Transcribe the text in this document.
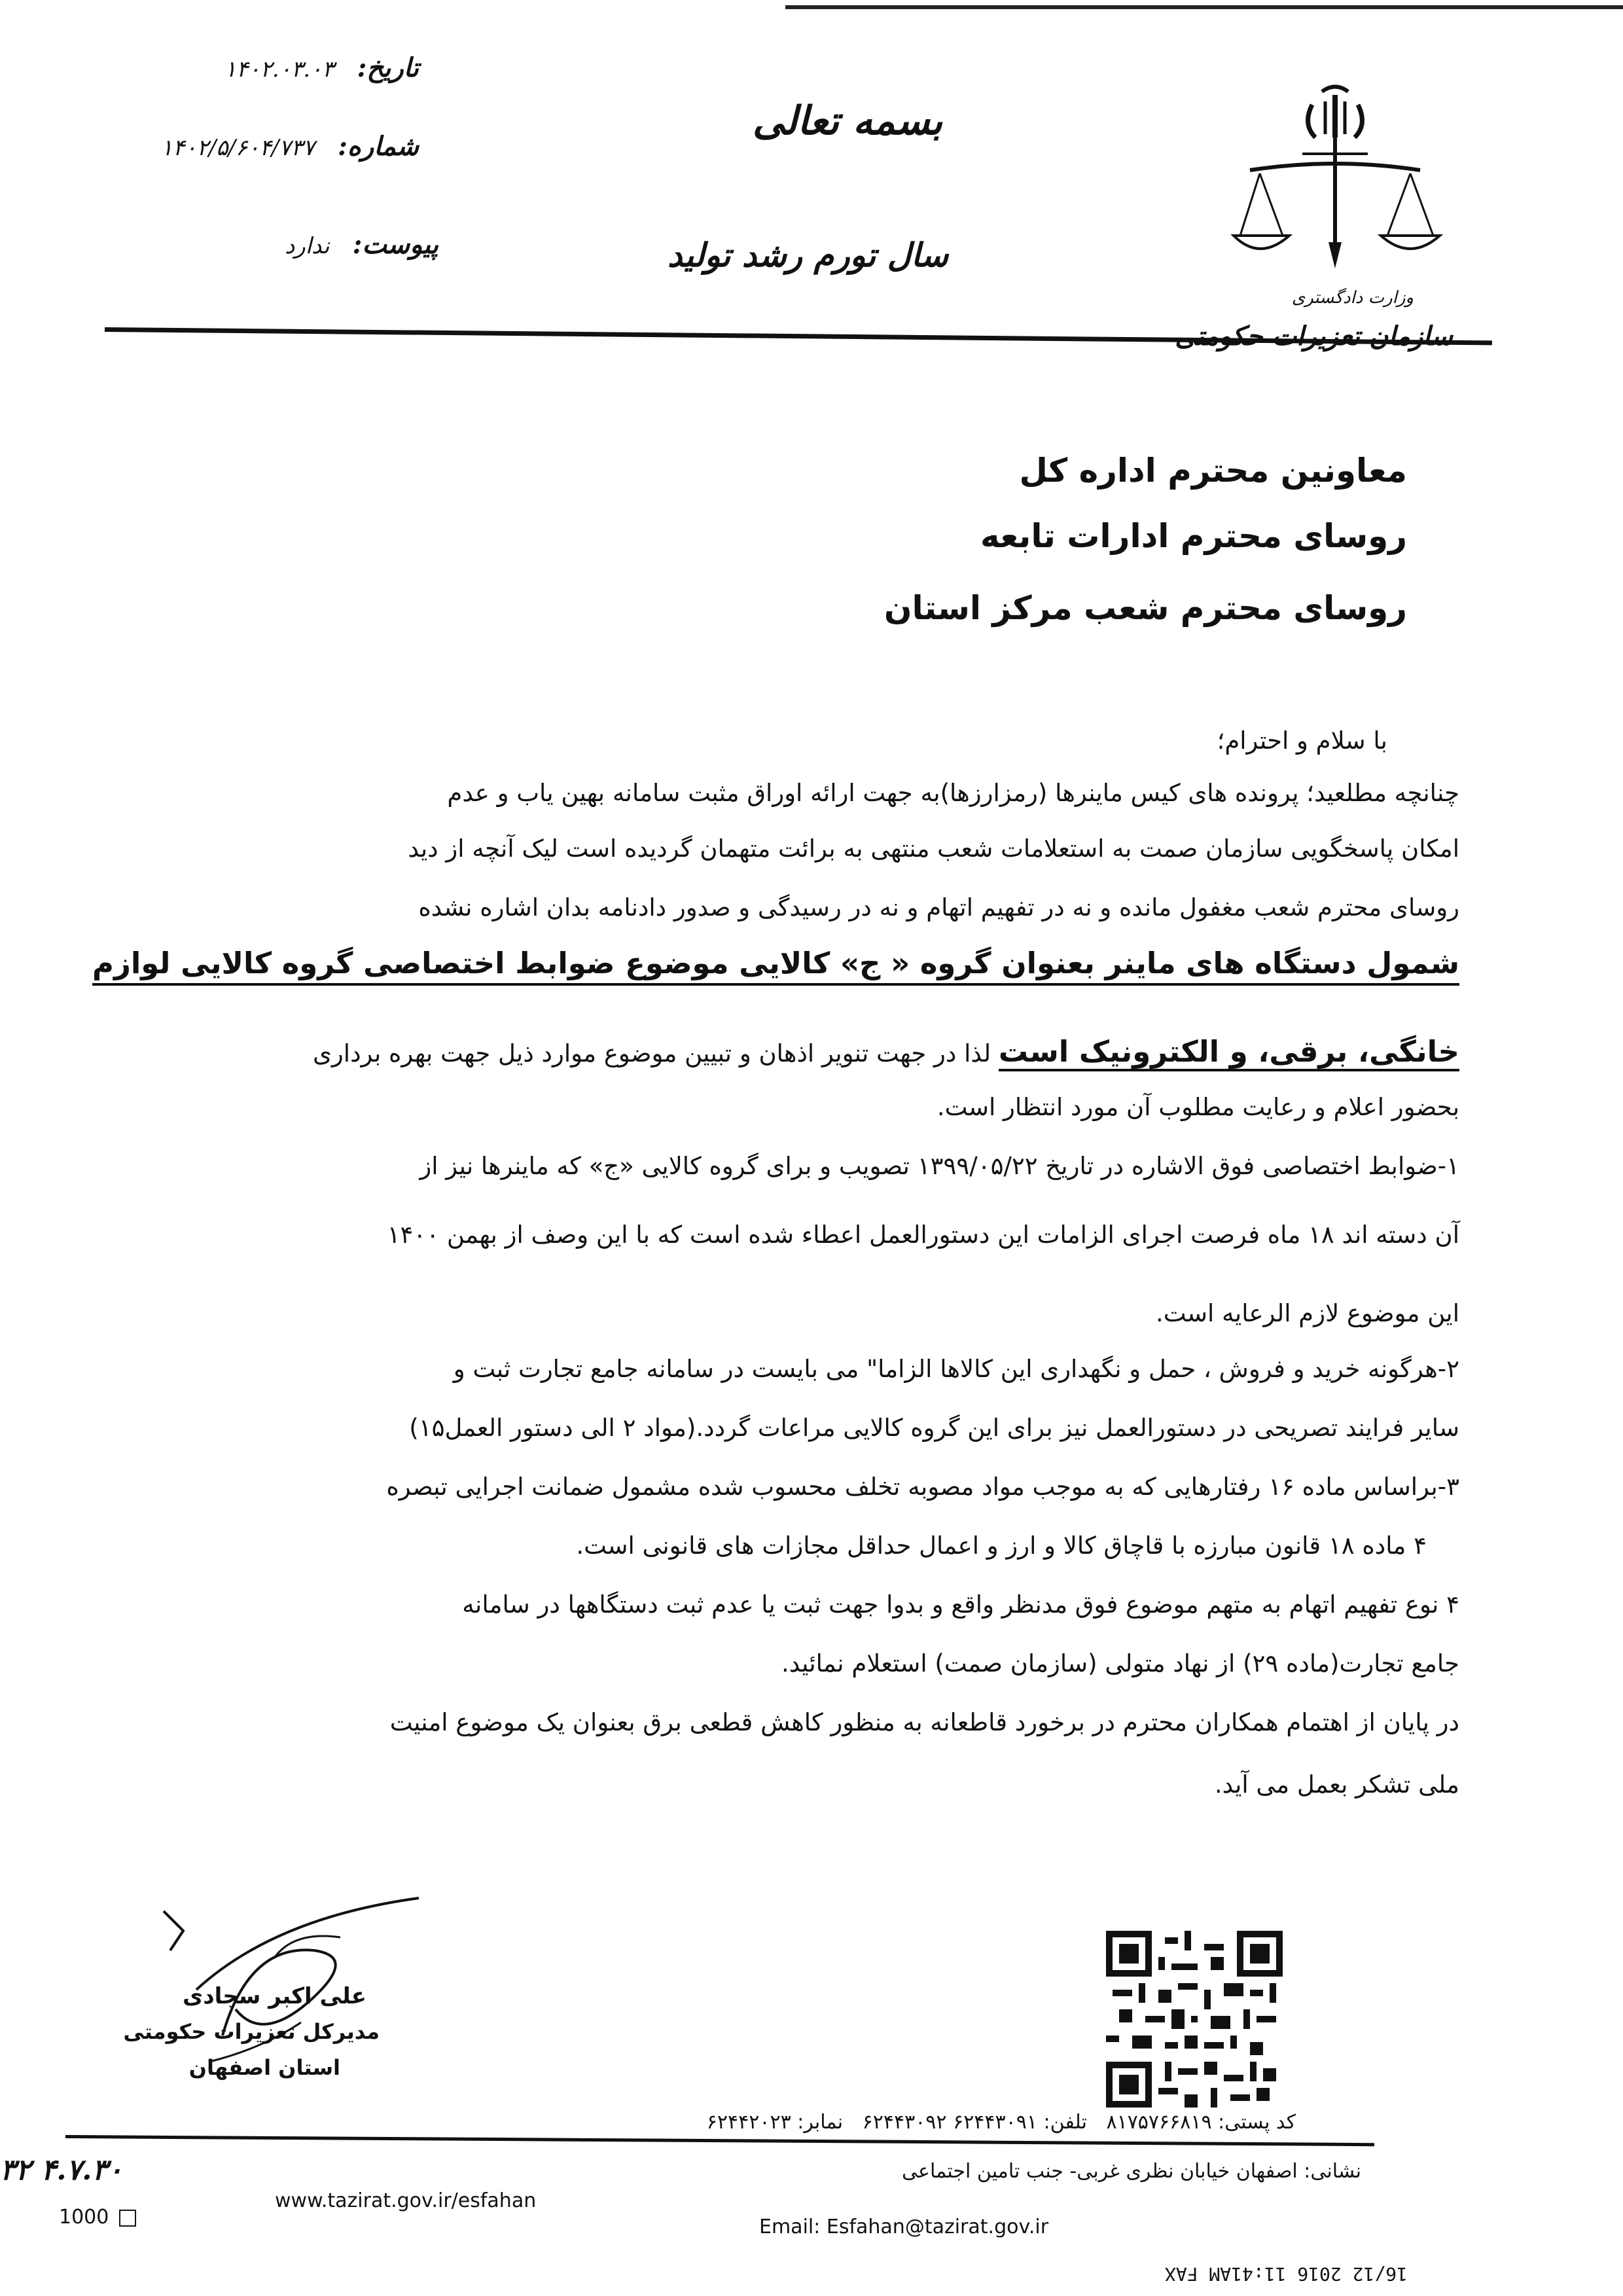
وزارت دادگستری
سازمان تعزیرات حکومتی
بسمه تعالی
سال تورم رشد تولید
تاریخ: ۱۴۰۲.۰۳.۰۳
شماره: ۱۴۰۲/۵/۶۰۴/۷۳۷
پیوست: ندارد
معاونین محترم اداره کل
روسای محترم ادارات تابعه
روسای محترم شعب مرکز استان
با سلام و احترام؛
چنانچه مطلعید؛ پرونده های کیس ماینرها (رمزارزها)به جهت ارائه اوراق مثبت سامانه بهین یاب و عدم
امکان پاسخگویی سازمان صمت به استعلامات شعب منتهی به برائت متهمان گردیده است لیک آنچه از دید
روسای محترم شعب مغفول مانده و نه در تفهیم اتهام و نه در رسیدگی و صدور دادنامه بدان اشاره نشده
شمول دستگاه های ماینر بعنوان گروه « ج» کالایی موضوع ضوابط اختصاصی گروه کالایی لوازم
خانگی، برقی، و الکترونیک است لذا در جهت تنویر اذهان و تبیین موضوع موارد ذیل جهت بهره برداری
بحضور اعلام و رعایت مطلوب آن مورد انتظار است.
۱-ضوابط اختصاصی فوق الاشاره در تاریخ ۱۳۹۹/۰۵/۲۲ تصویب و برای گروه کالایی «ج» که ماینرها نیز از
آن دسته اند ۱۸ ماه فرصت اجرای الزامات این دستورالعمل اعطاء شده است که با این وصف از بهمن ۱۴۰۰
این موضوع لازم الرعایه است.
۲-هرگونه خرید و فروش ، حمل و نگهداری این کالاها الزاما" می بایست در سامانه جامع تجارت ثبت و
سایر فرایند تصریحی در دستورالعمل نیز برای این گروه کالایی مراعات گردد.(مواد ۲ الی دستور العمل۱۵)
۳-براساس ماده ۱۶ رفتارهایی که به موجب مواد مصوبه تخلف محسوب شده مشمول ضمانت اجرایی تبصره
۴ ماده ۱۸ قانون مبارزه با قاچاق کالا و ارز و اعمال حداقل مجازات های قانونی است.
۴ نوع تفهیم اتهام به متهم موضوع فوق مدنظر واقع و بدوا جهت ثبت یا عدم ثبت دستگاهها در سامانه
جامع تجارت(ماده ۲۹) از نهاد متولی (سازمان صمت) استعلام نمائید.
در پایان از اهتمام همکاران محترم در برخورد قاطعانه به منظور کاهش قطعی برق بعنوان یک موضوع امنیت
ملی تشکر بعمل می آید.
علی اکبر سجادی
مدیرکل تعزیرات حکومتی
استان اصفهان
کد پستی: ۸۱۷۵۷۶۶۸۱۹ تلفن: ۶۲۴۴۳۰۹۱ ۶۲۴۴۳۰۹۲ نمابر: ۶۲۴۴۲۰۲۳
نشانی: اصفهان خیابان نظری غربی- جنب تامین اجتماعی
www.tazirat.gov.ir/esfahan
Email: Esfahan@tazirat.gov.ir
۳۲ ۴.۷.۳۰
1000
16/12 2016 11:41AM FAX
